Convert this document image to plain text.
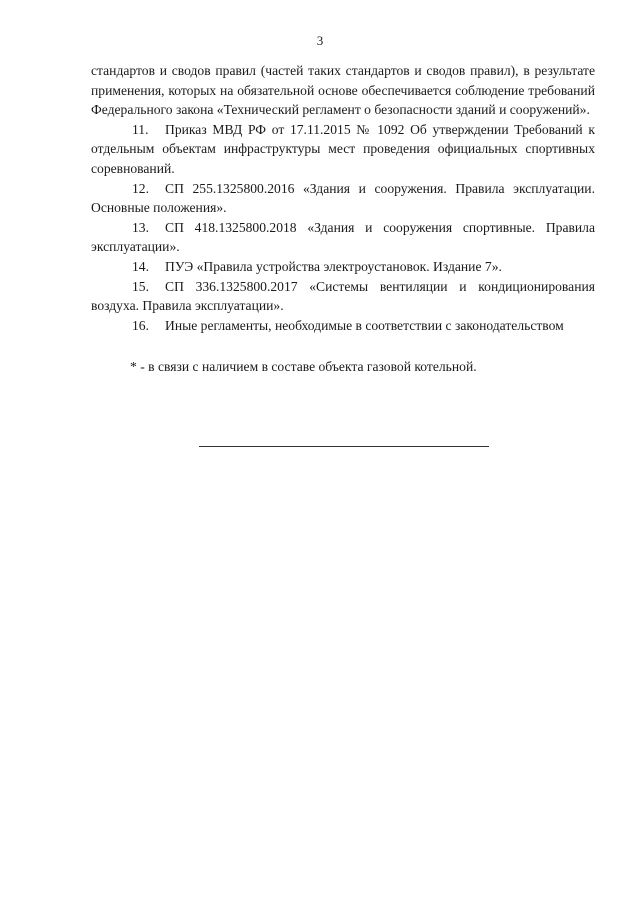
3

стандартов и сводов правил (частей таких стандартов и сводов правил), в результате применения, которых на обязательной основе обеспечивается соблюдение требований Федерального закона «Технический регламент о безопасности зданий и сооружений».

11. Приказ МВД РФ от 17.11.2015 № 1092 Об утверждении Требований к отдельным объектам инфраструктуры мест проведения официальных спортивных соревнований.

12. СП 255.1325800.2016 «Здания и сооружения. Правила эксплуатации. Основные положения».

13. СП 418.1325800.2018 «Здания и сооружения спортивные. Правила эксплуатации».

14. ПУЭ «Правила устройства электроустановок. Издание 7».

15. СП 336.1325800.2017 «Системы вентиляции и кондиционирования воздуха. Правила эксплуатации».

16. Иные регламенты, необходимые в соответствии с законодательством

* - в связи с наличием в составе объекта газовой котельной.
